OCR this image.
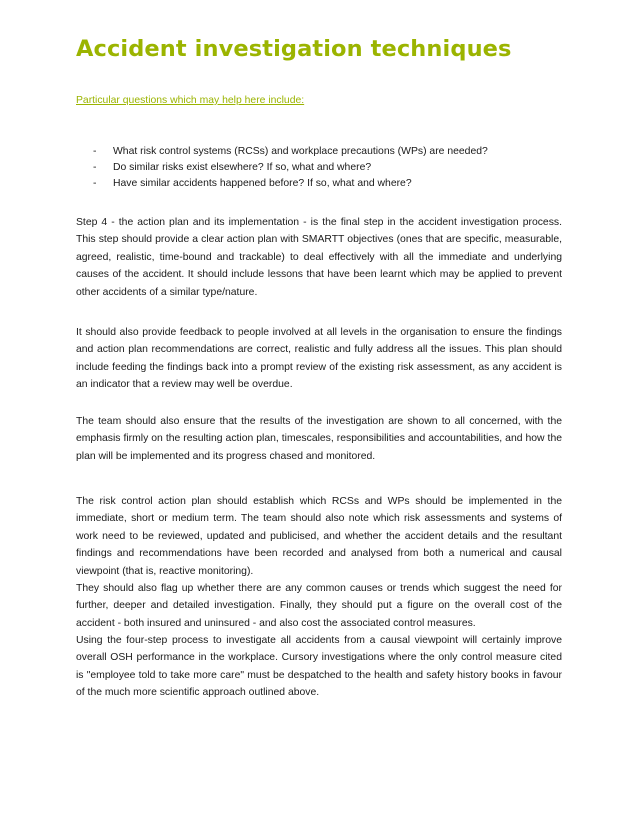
Accident investigation techniques

Particular questions which may help here include:

- What risk control systems (RCSs) and workplace precautions (WPs) are needed?
- Do similar risks exist elsewhere? If so, what and where?
- Have similar accidents happened before? If so, what and where?

Step 4 - the action plan and its implementation - is the final step in the accident investigation process. This step should provide a clear action plan with SMARTT objectives (ones that are specific, measurable, agreed, realistic, time-bound and trackable) to deal effectively with all the immediate and underlying causes of the accident. It should include lessons that have been learnt which may be applied to prevent other accidents of a similar type/nature.

It should also provide feedback to people involved at all levels in the organisation to ensure the findings and action plan recommendations are correct, realistic and fully address all the issues. This plan should include feeding the findings back into a prompt review of the existing risk assessment, as any accident is an indicator that a review may well be overdue.

The team should also ensure that the results of the investigation are shown to all concerned, with the emphasis firmly on the resulting action plan, timescales, responsibilities and accountabilities, and how the plan will be implemented and its progress chased and monitored.

The risk control action plan should establish which RCSs and WPs should be implemented in the immediate, short or medium term. The team should also note which risk assessments and systems of work need to be reviewed, updated and publicised, and whether the accident details and the resultant findings and recommendations have been recorded and analysed from both a numerical and causal viewpoint (that is, reactive monitoring).

They should also flag up whether there are any common causes or trends which suggest the need for further, deeper and detailed investigation. Finally, they should put a figure on the overall cost of the accident - both insured and uninsured - and also cost the associated control measures.

Using the four-step process to investigate all accidents from a causal viewpoint will certainly improve overall OSH performance in the workplace. Cursory investigations where the only control measure cited is "employee told to take more care" must be despatched to the health and safety history books in favour of the much more scientific approach outlined above.
